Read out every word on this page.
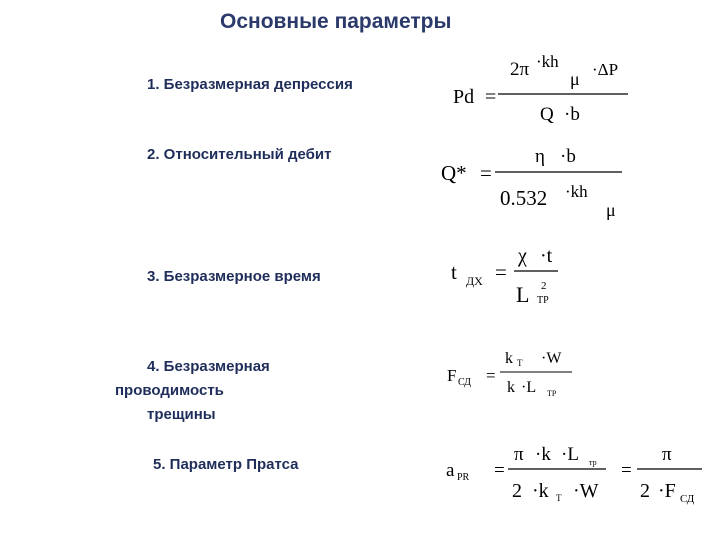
Основные параметры
1. Безразмерная депрессия
2. Относительный дебит
3. Безразмерное время
4. Безразмерная
проводимость
трещины
5. Параметр Пратса
Pd =
2π ·kh
μ ·ΔP
Q ·b
Q* =
η ·b
0.532 ·kh
μ
t ДХ =
χ ·t
L 2
ТР
F СД =
k Т ·W
k ·L ТР
a PR =
π ·k ·L тр
2 ·k Т ·W
=
π
2 ·F СД
